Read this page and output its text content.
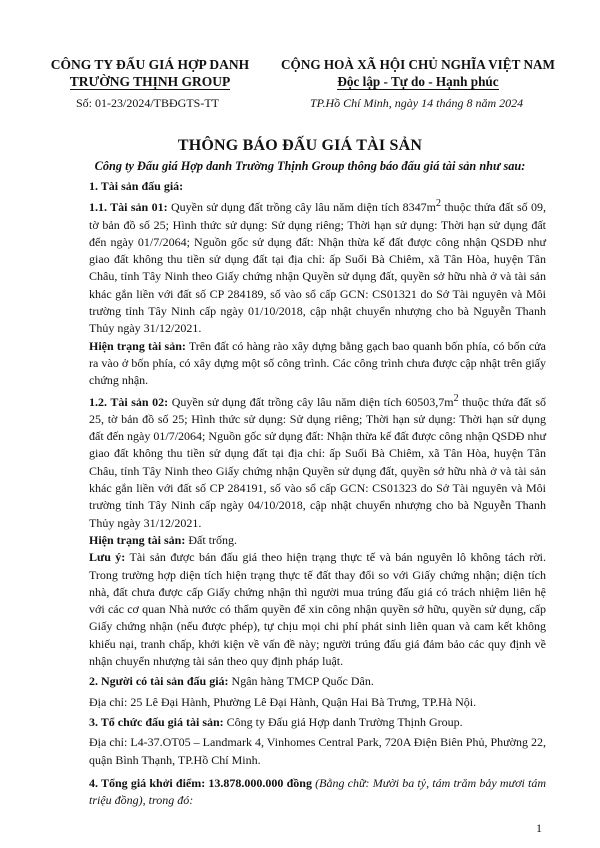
CÔNG TY ĐẤU GIÁ HỢP DANH
TRƯỜNG THỊNH GROUP
CỘNG HOÀ XÃ HỘI CHỦ NGHĨA VIỆT NAM
Độc lập - Tự do - Hạnh phúc
Số: 01-23/2024/TBĐGTS-TT	TP.Hồ Chí Minh, ngày 14 tháng 8 năm 2024
THÔNG BÁO ĐẤU GIÁ TÀI SẢN
Công ty Đấu giá Hợp danh Trường Thịnh Group thông báo đấu giá tài sản như sau:

1. Tài sản đấu giá:

1.1. Tài sản 01: Quyền sử dụng đất trồng cây lâu năm diện tích $8347m^2$ thuộc thửa đất số 09, tờ bản đồ số 25; Hình thức sử dụng: Sử dụng riêng; Thời hạn sử dụng: Thời hạn sử dụng đất đến ngày 01/7/2064; Nguồn gốc sử dụng đất: Nhận thừa kế đất được công nhận QSDĐ như giao đất không thu tiền sử dụng đất tại địa chỉ: ấp Suối Bà Chiêm, xã Tân Hòa, huyện Tân Châu, tỉnh Tây Ninh theo Giấy chứng nhận Quyền sử dụng đất, quyền sở hữu nhà ở và tài sản khác gắn liền với đất số CP 284189, số vào sổ cấp GCN: CS01321 do Sở Tài nguyên và Môi trường tỉnh Tây Ninh cấp ngày 01/10/2018, cập nhật chuyển nhượng cho bà Nguyễn Thanh Thủy ngày 31/12/2021.

Hiện trạng tài sản: Trên đất có hàng rào xây dựng bằng gạch bao quanh bốn phía, có bốn cửa ra vào ở bốn phía, có xây dựng một số công trình. Các công trình chưa được cập nhật trên giấy chứng nhận.

1.2. Tài sản 02: Quyền sử dụng đất trồng cây lâu năm diện tích $60503,7m^2$ thuộc thửa đất số 25, tờ bản đồ số 25; Hình thức sử dụng: Sử dụng riêng; Thời hạn sử dụng: Thời hạn sử dụng đất đến ngày 01/7/2064; Nguồn gốc sử dụng đất: Nhận thừa kế đất được công nhận QSDĐ như giao đất không thu tiền sử dụng đất tại địa chỉ: ấp Suối Bà Chiêm, xã Tân Hòa, huyện Tân Châu, tỉnh Tây Ninh theo Giấy chứng nhận Quyền sử dụng đất, quyền sở hữu nhà ở và tài sản khác gắn liền với đất số CP 284191, số vào sổ cấp GCN: CS01323 do Sở Tài nguyên và Môi trường tỉnh Tây Ninh cấp ngày 04/10/2018, cập nhật chuyển nhượng cho bà Nguyễn Thanh Thủy ngày 31/12/2021.

Hiện trạng tài sản: Đất trống.

Lưu ý: Tài sản được bán đấu giá theo hiện trạng thực tế và bán nguyên lô không tách rời. Trong trường hợp diện tích hiện trạng thực tế đất thay đổi so với Giấy chứng nhận; diện tích nhà, đất chưa được cấp Giấy chứng nhận thì người mua trúng đấu giá có trách nhiệm liên hệ với các cơ quan Nhà nước có thẩm quyền để xin công nhận quyền sở hữu, quyền sử dụng, cấp Giấy chứng nhận (nếu được phép), tự chịu mọi chi phí phát sinh liên quan và cam kết không khiếu nại, tranh chấp, khởi kiện về vấn đề này; người trúng đấu giá đảm bảo các quy định về nhận chuyển nhượng tài sản theo quy định pháp luật.

2. Người có tài sản đấu giá: Ngân hàng TMCP Quốc Dân.

Địa chỉ: 25 Lê Đại Hành, Phường Lê Đại Hành, Quận Hai Bà Trưng, TP.Hà Nội.

3. Tổ chức đấu giá tài sản: Công ty Đấu giá Hợp danh Trường Thịnh Group.

Địa chỉ: L4-37.OT05 – Landmark 4, Vinhomes Central Park, 720A Điện Biên Phủ, Phường 22, quận Bình Thạnh, TP.Hồ Chí Minh.

4. Tổng giá khởi điểm: 13.878.000.000 đồng (Bằng chữ: Mười ba tỷ, tám trăm bảy mươi tám triệu đồng), trong đó:

1
